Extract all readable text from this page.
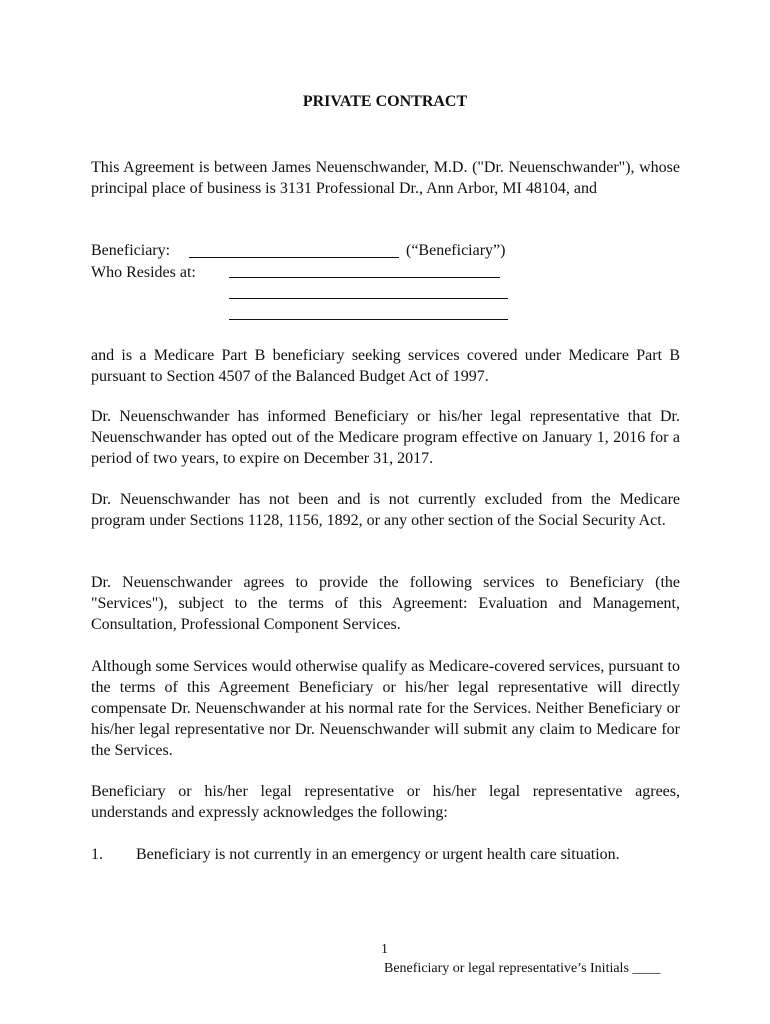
PRIVATE CONTRACT

This Agreement is between James Neuenschwander, M.D. ("Dr. Neuenschwander"), whose principal place of business is 3131 Professional Dr., Ann Arbor, MI 48104, and

Beneficiary:	(“Beneficiary”)
Who Resides at:

and is a Medicare Part B beneficiary seeking services covered under Medicare Part B pursuant to Section 4507 of the Balanced Budget Act of 1997.

Dr. Neuenschwander has informed Beneficiary or his/her legal representative that Dr. Neuenschwander has opted out of the Medicare program effective on January 1, 2016 for a period of two years, to expire on December 31, 2017.

Dr. Neuenschwander has not been and is not currently excluded from the Medicare program under Sections 1128, 1156, 1892, or any other section of the Social Security Act.

Dr. Neuenschwander agrees to provide the following services to Beneficiary (the "Services"), subject to the terms of this Agreement: Evaluation and Management, Consultation, Professional Component Services.

Although some Services would otherwise qualify as Medicare-covered services, pursuant to the terms of this Agreement Beneficiary or his/her legal representative will directly compensate Dr. Neuenschwander at his normal rate for the Services. Neither Beneficiary or his/her legal representative nor Dr. Neuenschwander will submit any claim to Medicare for the Services.

Beneficiary or his/her legal representative or his/her legal representative agrees, understands and expressly acknowledges the following:

1. Beneficiary is not currently in an emergency or urgent health care situation.
1
Beneficiary or legal representative’s Initials ____
